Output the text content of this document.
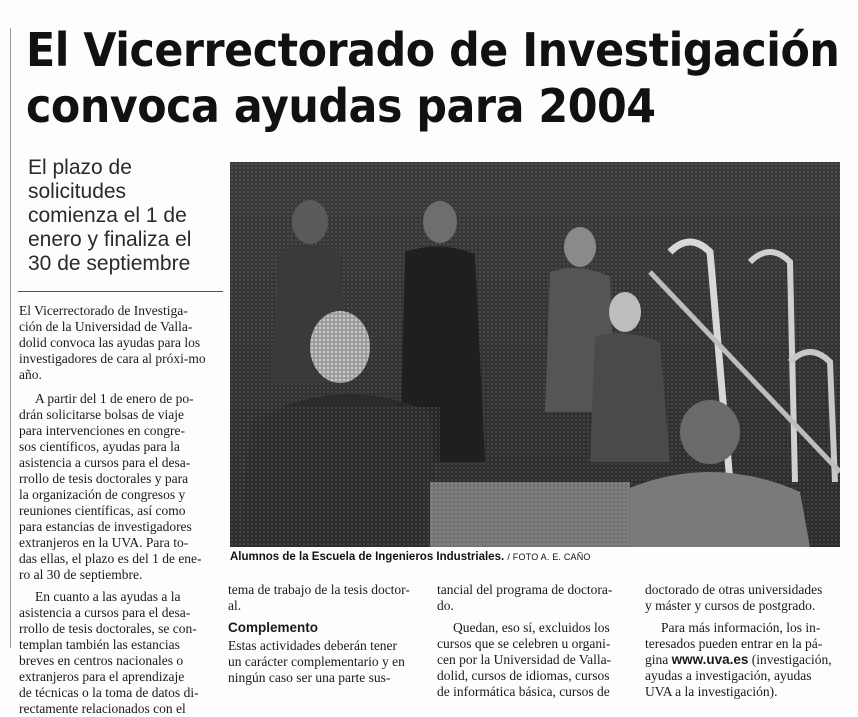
El Vicerrectorado de Investigación
convoca ayudas para 2004
El plazo de
solicitudes
comienza el 1 de
enero y finaliza el
30 de septiembre

El Vicerrectorado de Investiga-

ción de la Universidad de Valla-

dolid convoca las ayudas para los

investigadores de cara al próxi-mo

año.

A partir del 1 de enero de po-

drán solicitarse bolsas de viaje

para intervenciones en congre-

sos científicos, ayudas para la

asistencia a cursos para el desa-

rrollo de tesis doctorales y para

la organización de congresos y

reuniones científicas, así como

para estancias de investigadores

extranjeros en la UVA. Para to-

das ellas, el plazo es del 1 de ene-

ro al 30 de septiembre.

En cuanto a las ayudas a la

asistencia a cursos para el desa-

rrollo de tesis doctorales, se con-

templan también las estancias

breves en centros nacionales o

extranjeros para el aprendizaje

de técnicas o la toma de datos di-

rectamente relacionados con el

Alumnos de la Escuela de Ingenieros Industriales. / FOTO A. E. CAÑO

tema de trabajo de la tesis doctor-

al.

Complemento

Estas actividades deberán tener

un carácter complementario y en

ningún caso ser una parte sus-

tancial del programa de doctora-

do.

Quedan, eso sí, excluidos los

cursos que se celebren u organi-

cen por la Universidad de Valla-

dolid, cursos de idiomas, cursos

de informática básica, cursos de

doctorado de otras universidades

y máster y cursos de postgrado.

Para más información, los in-

teresados pueden entrar en la pá-

gina www.uva.es (investigación,

ayudas a investigación, ayudas

UVA a la investigación).
